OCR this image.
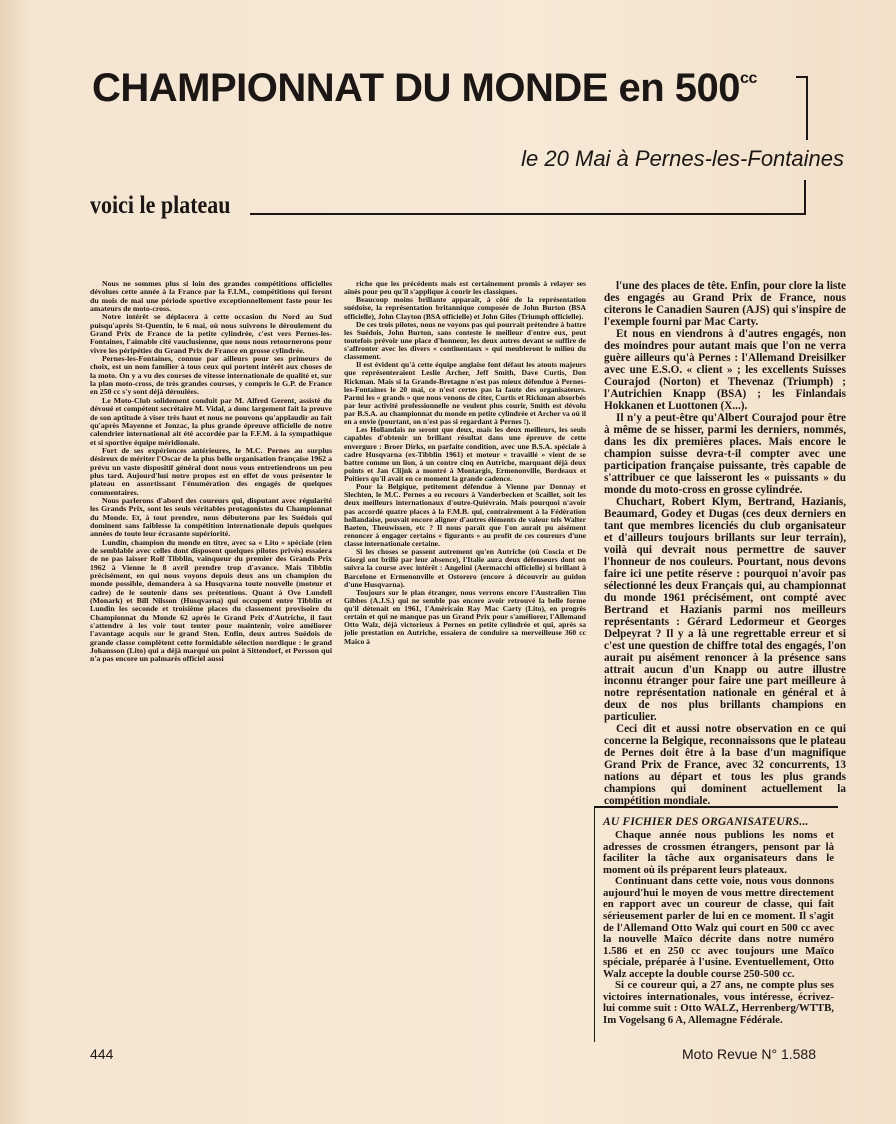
CHAMPIONNAT DU MONDE en $500^{cc}$
le 20 Mai à Pernes-les-Fontaines
voici le plateau

Nous ne sommes plus si loin des grandes compétitions officielles dévolues cette année à la France par la F.I.M., compétitions qui feront du mois de mai une période sportive exceptionnellement faste pour les amateurs de moto-cross.

Notre intérêt se déplacera à cette occasion du Nord au Sud puisqu'après St-Quentin, le 6 mai, où nous suivrons le déroulement du Grand Prix de France de la petite cylindrée, c'est vers Pernes-les-Fontaines, l'aimable cité vauclusienne, que nous nous retournerons pour vivre les péripéties du Grand Prix de France en grosse cylindrée.

Pernes-les-Fontaines, connue par ailleurs pour ses primeurs de choix, est un nom familier à tous ceux qui portent intérêt aux choses de la moto. On y a vu des courses de vitesse internationale de qualité et, sur la plan moto-cross, de très grandes courses, y compris le G.P. de France en 250 cc s'y sont déjà déroulées.

Le Moto-Club solidement conduit par M. Alfred Gerent, assisté du dévoué et compétent secrétaire M. Vidal, a donc largement fait la preuve de son aptitude à viser très haut et nous ne pouvons qu'applaudir au fait qu'après Mayenne et Jonzac, la plus grande épreuve officielle de notre calendrier international ait été accordée par la F.F.M. à la sympathique et si sportive équipe méridionale.

Fort de ses expériences antérieures, le M.C. Pernes au surplus désireux de mériter l'Oscar de la plus belle organisation française 1962 a prévu un vaste dispositif général dont nous vous entretiendrons un peu plus tard. Aujourd'hui notre propos est en effet de vous présenter le plateau en assortissant l'énumération des engagés de quelques commentaires.

Nous parlerons d'abord des coureurs qui, disputant avec régularité les Grands Prix, sont les seuls véritables protagonistes du Championnat du Monde. Et, à tout prendre, nous débuterons par les Suédois qui dominent sans faiblesse la compétition internationale depuis quelques années de toute leur écrasante supériorité.

Lundin, champion du monde en titre, avec sa « Lito » spéciale (rien de semblable avec celles dont disposent quelques pilotes privés) essaiera de ne pas laisser Rolf Tibblin, vainqueur du premier des Grands Prix 1962 à Vienne le 8 avril prendre trop d'avance. Mais Tibblin précisément, en qui nous voyons depuis deux ans un champion du monde possible, demandera à sa Husqvarna toute nouvelle (moteur et cadre) de le soutenir dans ses prétentions. Quant à Ove Lundell (Monark) et Bill Nilsson (Husqvarna) qui occupent entre Tibblin et Lundin les seconde et troisième places du classement provisoire du Championnat du Monde 62 après le Grand Prix d'Autriche, il faut s'attendre à les voir tout tenter pour maintenir, voire améliorer l'avantage acquis sur le grand Sten. Enfin, deux autres Suédois de grande classe complètent cette formidable sélection nordique : le grand Johansson (Lito) qui a déjà marqué un point à Sittendorf, et Persson qui n'a pas encore un palmarès officiel aussi

riche que les précédents mais est certainement promis à relayer ses aînés pour peu qu'il s'applique à courir les classiques.

Beaucoup moins brillante apparaît, à côté de la représentation suédoise, la représentation britannique composée de John Burton (BSA officielle), John Clayton (BSA officielle) et John Giles (Triumph officielle).

De ces trois pilotes, nous ne voyons pas qui pourrait prétendre à battre les Suédois, John Burton, sans conteste le meilleur d'entre eux, peut toutefois prévoir une place d'honneur, les deux autres devant se suffire de s'affronter avec les divers « continentaux » qui meubleront le milieu du classement.

Il est évident qu'à cette équipe anglaise font défaut les atouts majeurs que représenteraient Leslie Archer, Jeff Smith, Dave Curtis, Don Rickman. Mais si la Grande-Bretagne n'est pas mieux défendue à Pernes-les-Fontaines le 20 mai, ce n'est certes pas la faute des organisateurs. Parmi les « grands » que nous venons de citer, Curtis et Rickman absorbés par leur activité professionnelle ne veulent plus courir, Smith est dévolu par B.S.A. au championnat du monde en petite cylindrée et Archer va où il en a envie (pourtant, on n'est pas si regardant à Pernes !).

Les Hollandais ne seront que deux, mais les deux meilleurs, les seuls capables d'obtenir un brillant résultat dans une épreuve de cette envergure : Broer Dirks, en parfaite condition, avec une B.S.A. spéciale à cadre Husqvarna (ex-Tibblin 1961) et moteur « travaillé » vient de se battre comme un lion, à un contre cinq en Autriche, marquant déjà deux points et Jan Clijnk a montré à Montargis, Ermenonville, Bordeaux et Poitiers qu'il avait en ce moment la grande cadence.

Pour la Belgique, petitement défendue à Vienne par Donnay et Slechten, le M.C. Pernes a eu recours à Vanderbecken et Scaillet, soit les deux meilleurs internationaux d'outre-Quiévrain. Mais pourquoi n'avoir pas accordé quatre places à la F.M.B. qui, contrairement à la Fédération hollandaise, pouvait encore aligner d'autres éléments de valeur tels Walter Baeten, Theuwissen, etc ? Il nous paraît que l'on aurait pu aisément renoncer à engager certains « figurants » au profit de ces coureurs d'une classe internationale certaine.

Si les choses se passent autrement qu'en Autriche (où Coscia et De Giorgi ont brillé par leur absence), l'Italie aura deux défenseurs dont on suivra la course avec intérêt : Angelini (Aermacchi officielle) si brillant à Barcelone et Ermenonville et Ostorero (encore à découvrir au guidon d'une Husqvarna).

Toujours sur le plan étranger, nous verrons encore l'Australien Tim Gibbes (A.J.S.) qui ne semble pas encore avoir retrouvé la belle forme qu'il détenait en 1961, l'Américain Ray Mac Carty (Lito), en progrès certain et qui ne manque pas un Grand Prix pour s'améliorer, l'Allemand Otto Walz, déjà victorieux à Pernes en petite cylindrée et qui, après sa jolie prestation en Autriche, essaiera de conduire sa merveilleuse 360 cc Maïco à

l'une des places de tête. Enfin, pour clore la liste des engagés au Grand Prix de France, nous citerons le Canadien Sauren (AJS) qui s'inspire de l'exemple fourni par Mac Carty.

Et nous en viendrons à d'autres engagés, non des moindres pour autant mais que l'on ne verra guère ailleurs qu'à Pernes : l'Allemand Dreisilker avec une E.S.O. « client » ; les excellents Suisses Courajod (Norton) et Thevenaz (Triumph) ; l'Autrichien Knapp (BSA) ; les Finlandais Hokkanen et Luottonen (X...).

Il n'y a peut-être qu'Albert Courajod pour être à même de se hisser, parmi les derniers, nommés, dans les dix premières places. Mais encore le champion suisse devra-t-il compter avec une participation française puissante, très capable de s'attribuer ce que laisseront les « puissants » du monde du moto-cross en grosse cylindrée.

Chuchart, Robert Klym, Bertrand, Hazianis, Beaumard, Godey et Dugas (ces deux derniers en tant que membres licenciés du club organisateur et d'ailleurs toujours brillants sur leur terrain), voilà qui devrait nous permettre de sauver l'honneur de nos couleurs. Pourtant, nous devons faire ici une petite réserve : pourquoi n'avoir pas sélectionné les deux Français qui, au championnat du monde 1961 précisément, ont compté avec Bertrand et Hazianis parmi nos meilleurs représentants : Gérard Ledormeur et Georges Delpeyrat ? Il y a là une regrettable erreur et si c'est une question de chiffre total des engagés, l'on aurait pu aisément renoncer à la présence sans attrait aucun d'un Knapp ou autre illustre inconnu étranger pour faire une part meilleure à notre représentation nationale en général et à deux de nos plus brillants champions en particulier.

Ceci dit et aussi notre observation en ce qui concerne la Belgique, reconnaissons que le plateau de Pernes doit être à la base d'un magnifique Grand Prix de France, avec 32 concurrents, 13 nations au départ et tous les plus grands champions qui dominent actuellement la compétition mondiale.

AU FICHIER DES ORGANISATEURS...

Chaque année nous publions les noms et adresses de crossmen étrangers, pensont par là faciliter la tâche aux organisateurs dans le moment où ils préparent leurs plateaux.

Continuant dans cette voie, nous vous donnons aujourd'hui le moyen de vous mettre directement en rapport avec un coureur de classe, qui fait sérieusement parler de lui en ce moment. Il s'agit de l'Allemand Otto Walz qui court en 500 cc avec la nouvelle Maïco décrite dans notre numéro 1.586 et en 250 cc avec toujours une Maïco spéciale, préparée à l'usine. Eventuellement, Otto Walz accepte la double course 250-500 cc.

Si ce coureur qui, a 27 ans, ne compte plus ses victoires internationales, vous intéresse, écrivez-lui comme suit : Otto WALZ, Herrenberg/WTTB, Im Vogelsang 6 A, Allemagne Fédérale.

444	Moto Revue N° 1.588
